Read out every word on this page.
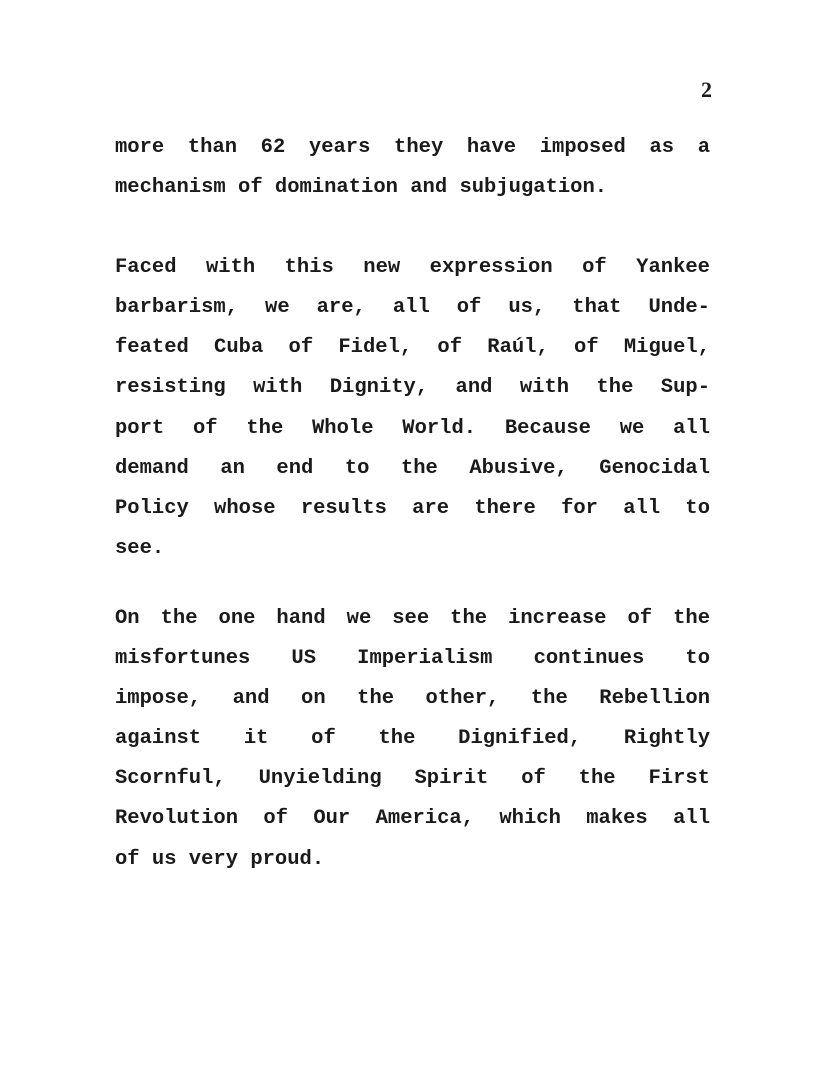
2
more than 62 years they have imposed as a
mechanism of domination and subjugation.
Faced with this new expression of Yankee
barbarism, we are, all of us, that Unde-
feated Cuba of Fidel, of Raúl, of Miguel,
resisting with Dignity, and with the Sup-
port of the Whole World. Because we all
demand an end to the Abusive, Genocidal
Policy whose results are there for all to
see.
On the one hand we see the increase of the
misfortunes US Imperialism continues to
impose, and on the other, the Rebellion
against it of the Dignified, Rightly
Scornful, Unyielding Spirit of the First
Revolution of Our America, which makes all
of us very proud.
